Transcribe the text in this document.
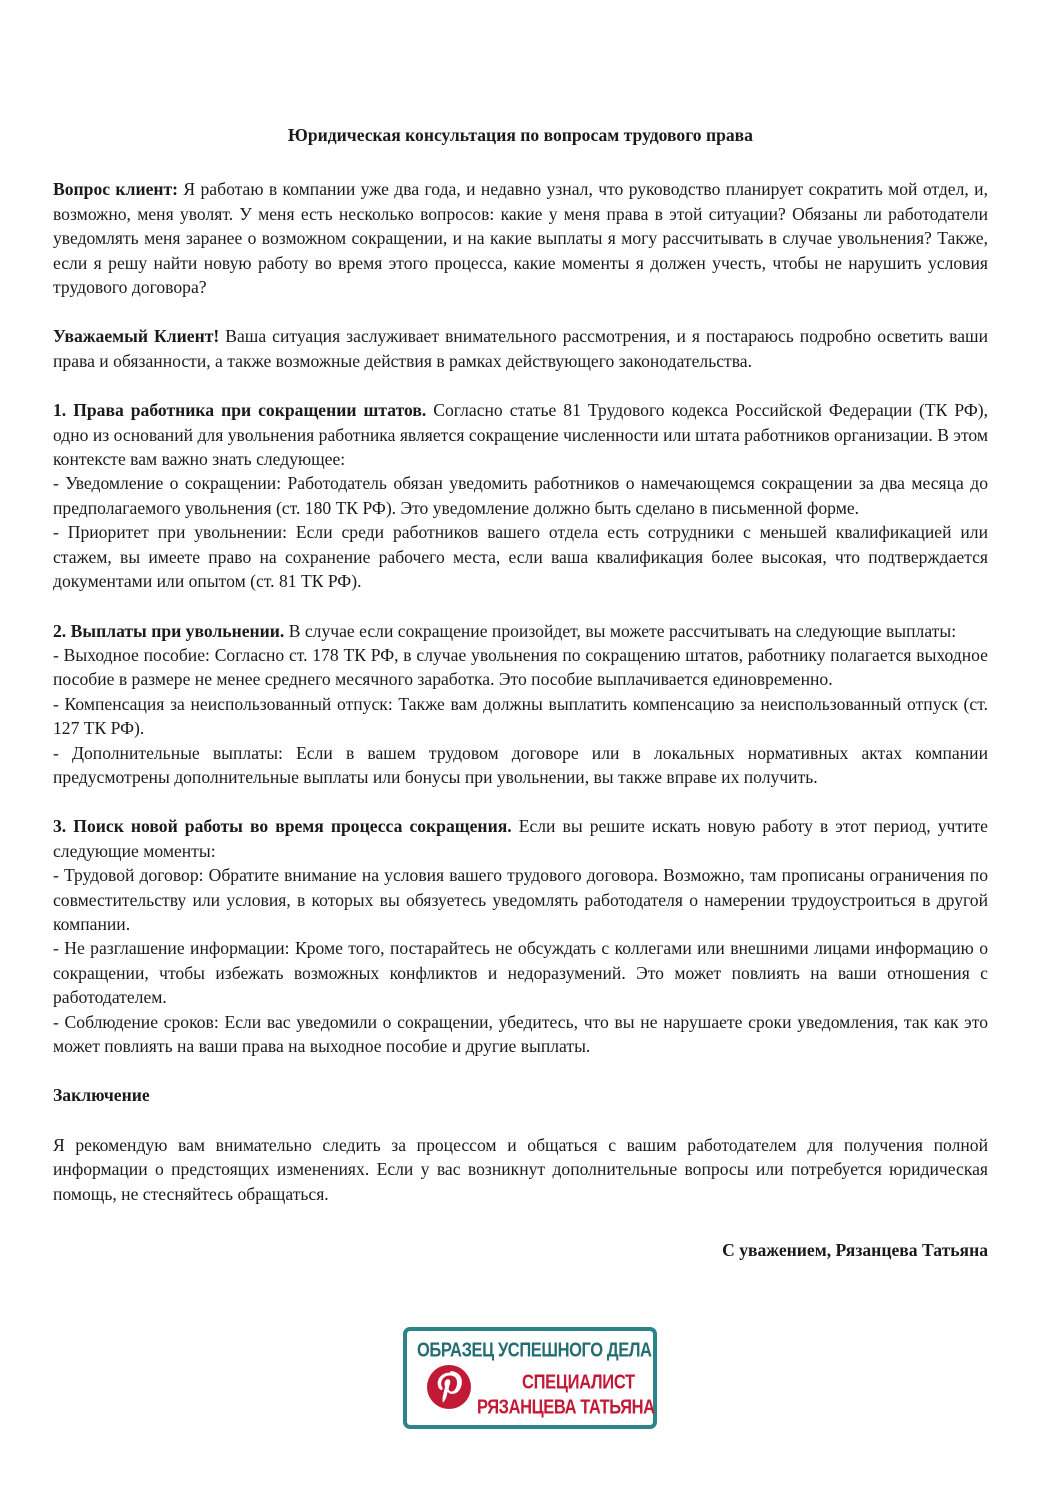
Юридическая консультация по вопросам трудового права

Вопрос клиент: Я работаю в компании уже два года, и недавно узнал, что руководство планирует сократить мой отдел, и, возможно, меня уволят. У меня есть несколько вопросов: какие у меня права в этой ситуации? Обязаны ли работодатели уведомлять меня заранее о возможном сокращении, и на какие выплаты я могу рассчитывать в случае увольнения? Также, если я решу найти новую работу во время этого процесса, какие моменты я должен учесть, чтобы не нарушить условия трудового договора?

Уважаемый Клиент! Ваша ситуация заслуживает внимательного рассмотрения, и я постараюсь подробно осветить ваши права и обязанности, а также возможные действия в рамках действующего законодательства.

1. Права работника при сокращении штатов. Согласно статье 81 Трудового кодекса Российской Федерации (ТК РФ), одно из оснований для увольнения работника является сокращение численности или штата работников организации. В этом контексте вам важно знать следующее:

- Уведомление о сокращении: Работодатель обязан уведомить работников о намечающемся сокращении за два месяца до предполагаемого увольнения (ст. 180 ТК РФ). Это уведомление должно быть сделано в письменной форме.

- Приоритет при увольнении: Если среди работников вашего отдела есть сотрудники с меньшей квалификацией или стажем, вы имеете право на сохранение рабочего места, если ваша квалификация более высокая, что подтверждается документами или опытом (ст. 81 ТК РФ).

2. Выплаты при увольнении. В случае если сокращение произойдет, вы можете рассчитывать на следующие выплаты:

- Выходное пособие: Согласно ст. 178 ТК РФ, в случае увольнения по сокращению штатов, работнику полагается выходное пособие в размере не менее среднего месячного заработка. Это пособие выплачивается единовременно.

- Компенсация за неиспользованный отпуск: Также вам должны выплатить компенсацию за неиспользованный отпуск (ст. 127 ТК РФ).

- Дополнительные выплаты: Если в вашем трудовом договоре или в локальных нормативных актах компании предусмотрены дополнительные выплаты или бонусы при увольнении, вы также вправе их получить.

3. Поиск новой работы во время процесса сокращения. Если вы решите искать новую работу в этот период, учтите следующие моменты:

- Трудовой договор: Обратите внимание на условия вашего трудового договора. Возможно, там прописаны ограничения по совместительству или условия, в которых вы обязуетесь уведомлять работодателя о намерении трудоустроиться в другой компании.

- Не разглашение информации: Кроме того, постарайтесь не обсуждать с коллегами или внешними лицами информацию о сокращении, чтобы избежать возможных конфликтов и недоразумений. Это может повлиять на ваши отношения с работодателем.

- Соблюдение сроков: Если вас уведомили о сокращении, убедитесь, что вы не нарушаете сроки уведомления, так как это может повлиять на ваши права на выходное пособие и другие выплаты.

Заключение

Я рекомендую вам внимательно следить за процессом и общаться с вашим работодателем для получения полной информации о предстоящих изменениях. Если у вас возникнут дополнительные вопросы или потребуется юридическая помощь, не стесняйтесь обращаться.

С уважением, Рязанцева Татьяна

ОБРАЗЕЦ УСПЕШНОГО ДЕЛА
СПЕЦИАЛИСТ
РЯЗАНЦЕВА ТАТЬЯНА
